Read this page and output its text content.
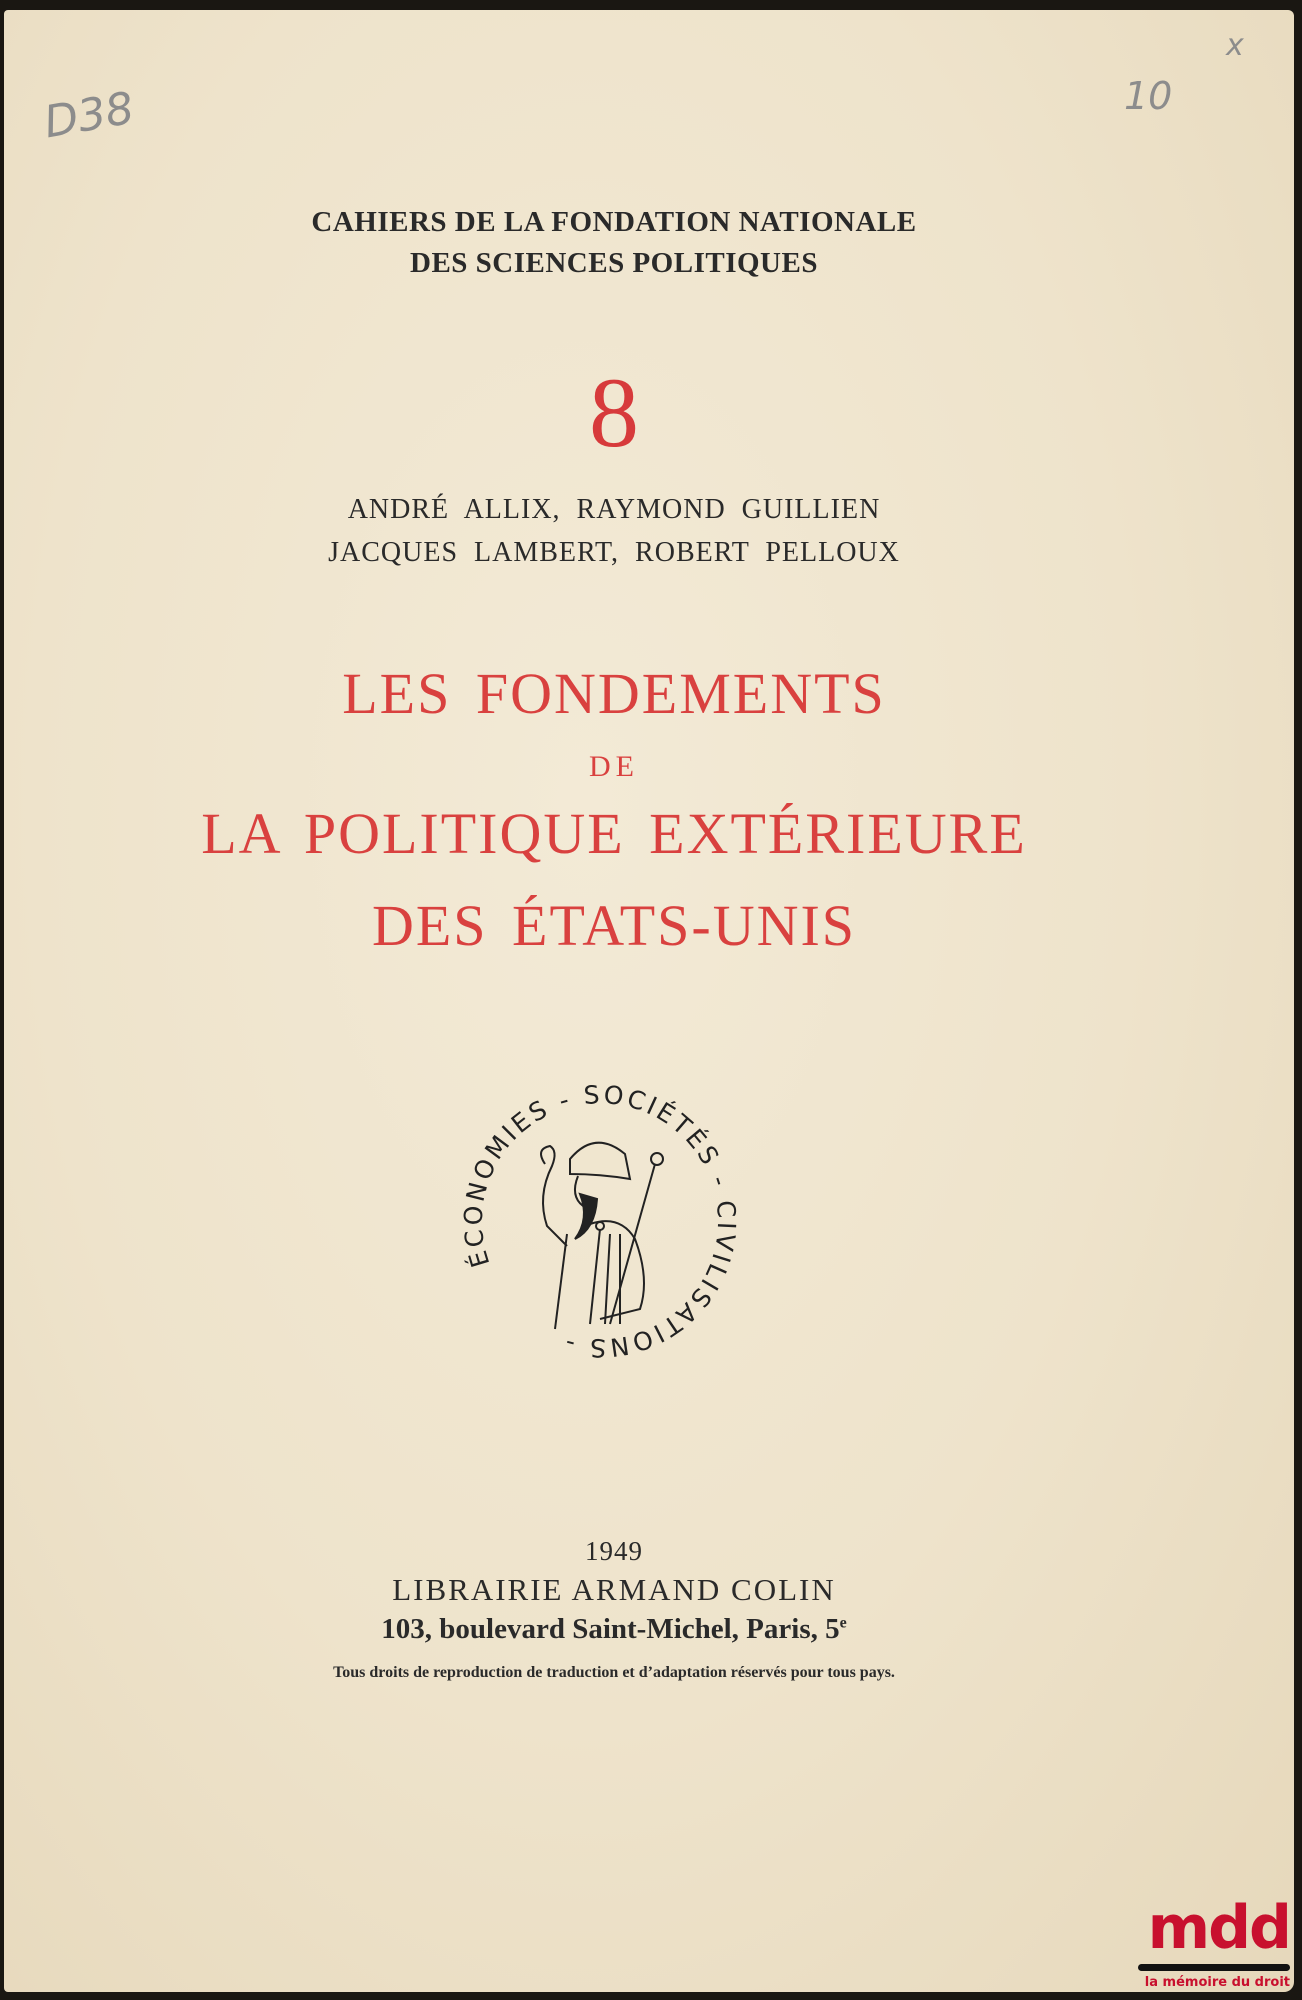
D38	10
x
CAHIERS DE LA FONDATION NATIONALE
DES SCIENCES POLITIQUES
8
ANDRÉ ALLIX, RAYMOND GUILLIEN
JACQUES LAMBERT, ROBERT PELLOUX
LES FONDEMENTS
DE
LA POLITIQUE EXTÉRIEURE
DES ÉTATS-UNIS
ÉCONOMIES - SOCIÉTÉS - CIVILISATIONS -
1949
LIBRAIRIE ARMAND COLIN
103, boulevard Saint-Michel, Paris, 5e
Tous droits de reproduction de traduction et d’adaptation réservés pour tous pays.
mdd
la mémoire du droit
